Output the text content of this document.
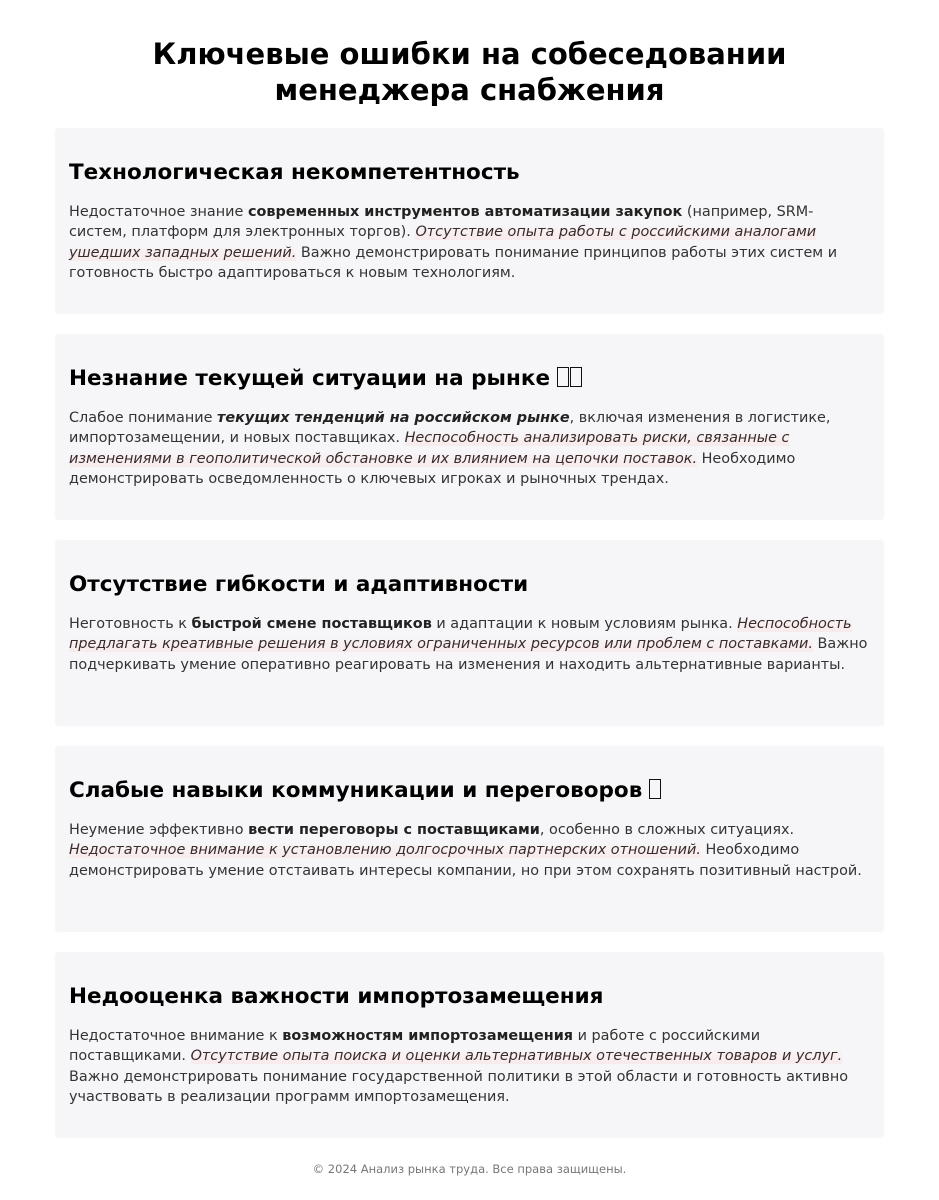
Ключевые ошибки на собеседовании
менеджера снабжения
Технологическая некомпетентность

Недостаточное знание современных инструментов автоматизации закупок (например, SRM-систем, платформ для электронных торгов). Отсутствие опыта работы с российскими аналогами ушедших западных решений. Важно демонстрировать понимание принципов работы этих систем и готовность быстро адаптироваться к новым технологиям.

Незнание текущей ситуации на рынке

Слабое понимание текущих тенденций на российском рынке, включая изменения в логистике, импортозамещении, и новых поставщиках. Неспособность анализировать риски, связанные с изменениями в геополитической обстановке и их влиянием на цепочки поставок. Необходимо демонстрировать осведомленность о ключевых игроках и рыночных трендах.

Отсутствие гибкости и адаптивности

Неготовность к быстрой смене поставщиков и адаптации к новым условиям рынка. Неспособность предлагать креативные решения в условиях ограниченных ресурсов или проблем с поставками. Важно подчеркивать умение оперативно реагировать на изменения и находить альтернативные варианты.

Слабые навыки коммуникации и переговоров

Неумение эффективно вести переговоры с поставщиками, особенно в сложных ситуациях. Недостаточное внимание к установлению долгосрочных партнерских отношений. Необходимо демонстрировать умение отстаивать интересы компании, но при этом сохранять позитивный настрой.

Недооценка важности импортозамещения

Недостаточное внимание к возможностям импортозамещения и работе с российскими поставщиками. Отсутствие опыта поиска и оценки альтернативных отечественных товаров и услуг. Важно демонстрировать понимание государственной политики в этой области и готовность активно участвовать в реализации программ импортозамещения.

© 2024 Анализ рынка труда. Все права защищены.
